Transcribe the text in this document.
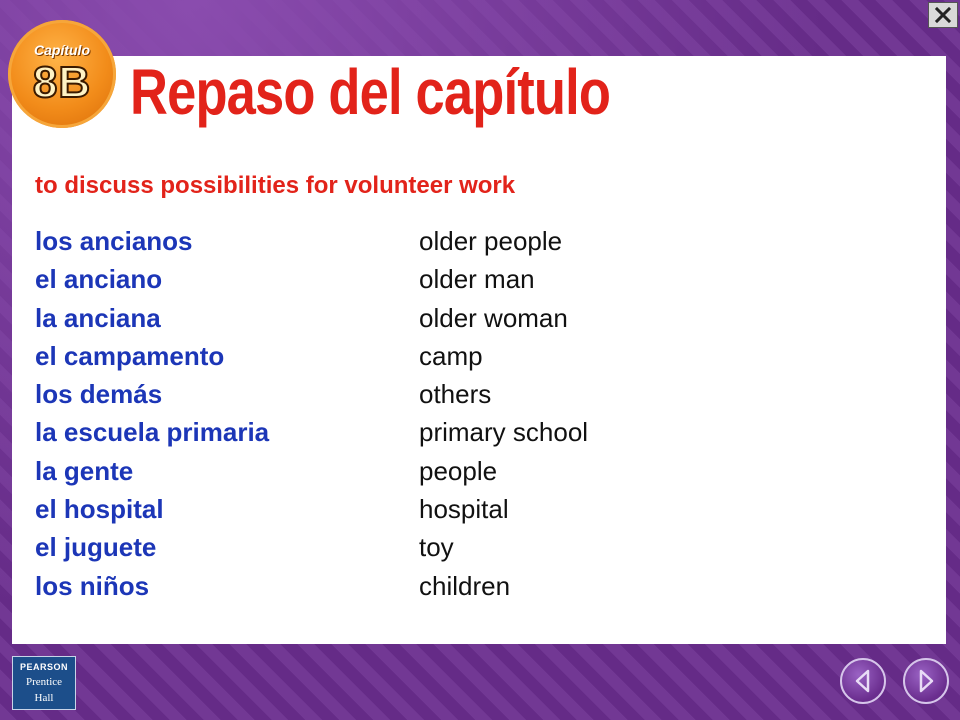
Capítulo
8B Repaso del capítulo
to discuss possibilities for volunteer work
los ancianos	older people
el anciano	older man
la anciana	older woman
el campamento	camp
los demás	others
la escuela primaria	primary school
la gente	people
el hospital	hospital
el juguete	toy
los niños	children
PEARSON
Prentice
Hall
